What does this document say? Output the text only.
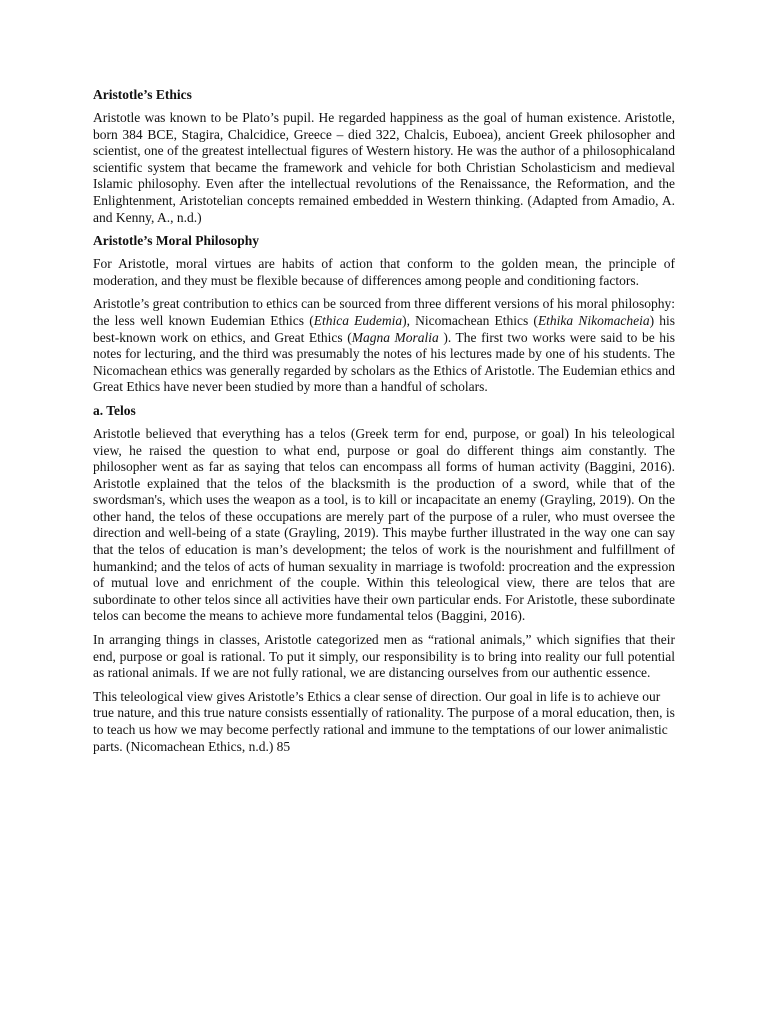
Aristotle’s Ethics

Aristotle was known to be Plato’s pupil. He regarded happiness as the goal of human existence. Aristotle, born 384 BCE, Stagira, Chalcidice, Greece – died 322, Chalcis, Euboea), ancient Greek philosopher and scientist, one of the greatest intellectual figures of Western history. He was the author of a philosophicaland scientific system that became the framework and vehicle for both Christian Scholasticism and medieval Islamic philosophy. Even after the intellectual revolutions of the Renaissance, the Reformation, and the Enlightenment, Aristotelian concepts remained embedded in Western thinking. (Adapted from Amadio, A. and Kenny, A., n.d.)

Aristotle’s Moral Philosophy

For Aristotle, moral virtues are habits of action that conform to the golden mean, the principle of moderation, and they must be flexible because of differences among people and conditioning factors.

Aristotle’s great contribution to ethics can be sourced from three different versions of his moral philosophy: the less well known Eudemian Ethics (Ethica Eudemia), Nicomachean Ethics (Ethika Nikomacheia) his best-known work on ethics, and Great Ethics (Magna Moralia ). The first two works were said to be his notes for lecturing, and the third was presumably the notes of his lectures made by one of his students. The Nicomachean ethics was generally regarded by scholars as the Ethics of Aristotle. The Eudemian ethics and Great Ethics have never been studied by more than a handful of scholars.

a. Telos

Aristotle believed that everything has a telos (Greek term for end, purpose, or goal) In his teleological view, he raised the question to what end, purpose or goal do different things aim constantly. The philosopher went as far as saying that telos can encompass all forms of human activity (Baggini, 2016). Aristotle explained that the telos of the blacksmith is the production of a sword, while that of the swordsman's, which uses the weapon as a tool, is to kill or incapacitate an enemy (Grayling, 2019). On the other hand, the telos of these occupations are merely part of the purpose of a ruler, who must oversee the direction and well-being of a state (Grayling, 2019). This maybe further illustrated in the way one can say that the telos of education is man’s development; the telos of work is the nourishment and fulfillment of humankind; and the telos of acts of human sexuality in marriage is twofold: procreation and the expression of mutual love and enrichment of the couple. Within this teleological view, there are telos that are subordinate to other telos since all activities have their own particular ends. For Aristotle, these subordinate telos can become the means to achieve more fundamental telos (Baggini, 2016).

In arranging things in classes, Aristotle categorized men as “rational animals,” which signifies that their end, purpose or goal is rational. To put it simply, our responsibility is to bring into reality our full potential as rational animals. If we are not fully rational, we are distancing ourselves from our authentic essence.

This teleological view gives Aristotle’s Ethics a clear sense of direction. Our goal in life is to achieve our true nature, and this true nature consists essentially of rationality. The purpose of a moral education, then, is to teach us how we may become perfectly rational and immune to the temptations of our lower animalistic parts. (Nicomachean Ethics, n.d.) 85
